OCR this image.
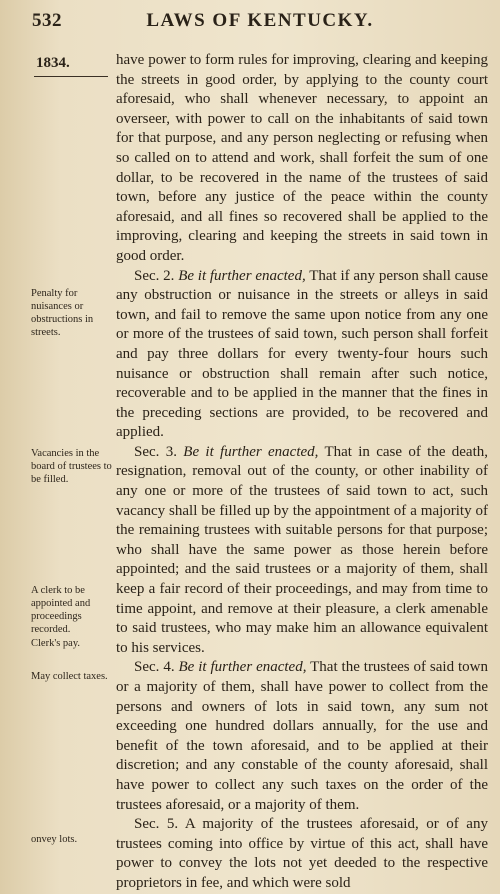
532	LAWS OF KENTUCKY.
1834.
Penalty for nuisances or obstructions in streets.
Vacancies in the board of trustees to be filled.
A clerk to be appointed and proceedings recorded.
Clerk's pay.
May collect taxes.
onvey lots.

have power to form rules for improving, clearing and keeping the streets in good order, by applying to the county court aforesaid, who shall whenever necessary, to appoint an overseer, with power to call on the inhabitants of said town for that purpose, and any person neglecting or refusing when so called on to attend and work, shall forfeit the sum of one dollar, to be recovered in the name of the trustees of said town, before any justice of the peace within the county aforesaid, and all fines so recovered shall be applied to the improving, clearing and keeping the streets in said town in good order.

Sec. 2. Be it further enacted, That if any person shall cause any obstruction or nuisance in the streets or alleys in said town, and fail to remove the same upon notice from any one or more of the trustees of said town, such person shall forfeit and pay three dollars for every twenty-four hours such nuisance or obstruction shall remain after such notice, recoverable and to be applied in the manner that the fines in the preceding sections are provided, to be recovered and applied.

Sec. 3. Be it further enacted, That in case of the death, resignation, removal out of the county, or other inability of any one or more of the trustees of said town to act, such vacancy shall be filled up by the appointment of a majority of the remaining trustees with suitable persons for that purpose; who shall have the same power as those herein before appointed; and the said trustees or a majority of them, shall keep a fair record of their proceedings, and may from time to time appoint, and remove at their pleasure, a clerk amenable to said trustees, who may make him an allowance equivalent to his services.

Sec. 4. Be it further enacted, That the trustees of said town or a majority of them, shall have power to collect from the persons and owners of lots in said town, any sum not exceeding one hundred dollars annually, for the use and benefit of the town aforesaid, and to be applied at their discretion; and any constable of the county aforesaid, shall have power to collect any such taxes on the order of the trustees aforesaid, or a majority of them.

Sec. 5. A majority of the trustees aforesaid, or of any trustees coming into office by virtue of this act, shall have power to convey the lots not yet deeded to the respective proprietors in fee, and which were sold
